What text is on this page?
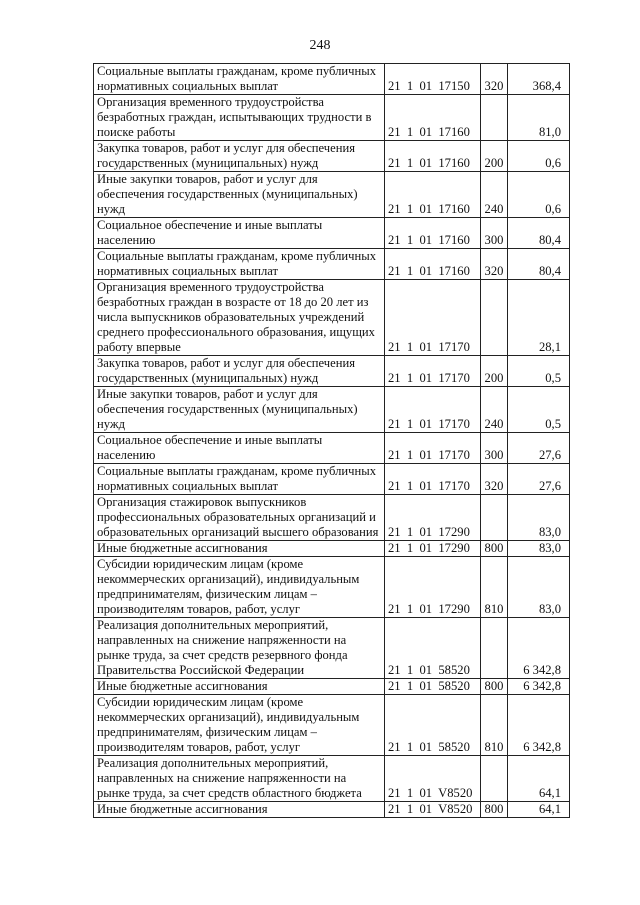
248
Социальные выплаты гражданам, кроме публичных
нормативных социальных выплат	21  1  01  17150	320	368,4

Организация временного трудоустройства
безработных граждан, испытывающих трудности в
поиске работы	21  1  01  17160		81,0

Закупка товаров, работ и услуг для обеспечения
государственных (муниципальных) нужд	21  1  01  17160	200	0,6

Иные закупки товаров, работ и услуг для
обеспечения государственных (муниципальных)
нужд	21  1  01  17160	240	0,6

Социальное обеспечение и иные выплаты
населению	21  1  01  17160	300	80,4

Социальные выплаты гражданам, кроме публичных
нормативных социальных выплат	21  1  01  17160	320	80,4

Организация временного трудоустройства
безработных граждан в возрасте от 18 до 20 лет из
числа выпускников образовательных учреждений
среднего профессионального образования, ищущих
работу впервые	21  1  01  17170		28,1

Закупка товаров, работ и услуг для обеспечения
государственных (муниципальных) нужд	21  1  01  17170	200	0,5

Иные закупки товаров, работ и услуг для
обеспечения государственных (муниципальных)
нужд	21  1  01  17170	240	0,5

Социальное обеспечение и иные выплаты
населению	21  1  01  17170	300	27,6

Социальные выплаты гражданам, кроме публичных
нормативных социальных выплат	21  1  01  17170	320	27,6

Организация стажировок выпускников
профессиональных образовательных организаций и
образовательных организаций высшего образования	21  1  01  17290		83,0

Иные бюджетные ассигнования	21  1  01  17290	800	83,0

Субсидии юридическим лицам (кроме
некоммерческих организаций), индивидуальным
предпринимателям, физическим лицам –
производителям товаров, работ, услуг	21  1  01  17290	810	83,0

Реализация дополнительных мероприятий,
направленных на снижение напряженности на
рынке труда, за счет средств резервного фонда
Правительства Российской Федерации	21  1  01  58520		6 342,8

Иные бюджетные ассигнования	21  1  01  58520	800	6 342,8

Субсидии юридическим лицам (кроме
некоммерческих организаций), индивидуальным
предпринимателям, физическим лицам –
производителям товаров, работ, услуг	21  1  01  58520	810	6 342,8

Реализация дополнительных мероприятий,
направленных на снижение напряженности на
рынке труда, за счет средств областного бюджета	21  1  01  V8520		64,1

Иные бюджетные ассигнования	21  1  01  V8520	800	64,1
